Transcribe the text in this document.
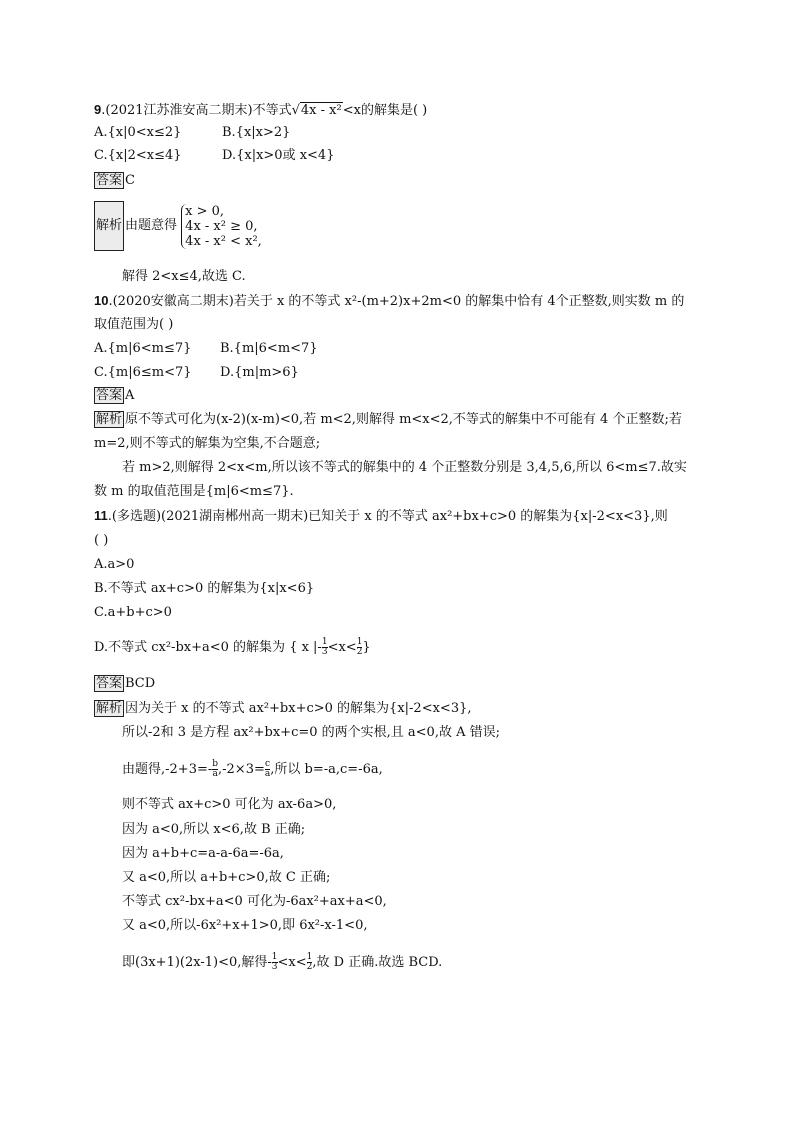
9.(2021江苏淮安高二期末)不等式√4x - x²<x的解集是( )
A.{x|0<x≤2}	B.{x|x>2}
C.{x|2<x≤4}	D.{x|x>0或 x<4}
答案 C
解析 由题意得
x > 0,
4x - x² ≥ 0,
4x - x² < x²,
解得 2<x≤4,故选 C.
10.(2020安徽高二期末)若关于 x 的不等式 x²-(m+2)x+2m<0 的解集中恰有 4个正整数,则实数 m 的
取值范围为( )
A.{m|6<m≤7} B.{m|6<m<7}
C.{m|6≤m<7} D.{m|m>6}
答案 A
解析 原不等式可化为(x-2)(x-m)<0,若 m<2,则解得 m<x<2,不等式的解集中不可能有 4 个正整数;若
m=2,则不等式的解集为空集,不合题意;
若 m>2,则解得 2<x<m,所以该不等式的解集中的 4 个正整数分别是 3,4,5,6,所以 6<m≤7.故实
数 m 的取值范围是{m|6<m≤7}.
11.(多选题)(2021湖南郴州高一期末)已知关于 x 的不等式 ax²+bx+c>0 的解集为{x|-2<x<3},则
( )
A.a>0
B.不等式 ax+c>0 的解集为{x|x<6}
C.a+b+c>0
D.不等式 cx²-bx+a<0 的解集为 { x |- $\frac{1}{3} <x< \frac{1}{2}$ }
答案 BCD
解析 因为关于 x 的不等式 ax²+bx+c>0 的解集为{x|-2<x<3},
所以-2和 3 是方程 ax²+bx+c=0 的两个实根,且 a<0,故 A 错误;
由题得$,-2+3=- \frac{b}{a} ,-2\times 3= \frac{c}{a}$ ,所以 b=-a,c=-6a,
则不等式 ax+c>0 可化为 ax-6a>0,
因为 a<0,所以 x<6,故 B 正确;
因为 a+b+c=a-a-6a=-6a,
又 a<0,所以 a+b+c>0,故 C 正确;
不等式 cx²-bx+a<0 可化为-6ax²+ax+a<0,
又 a<0,所以-6x²+x+1>0,即 6x²-x-1<0,
即(3x+1)(2x-1)<0,解得- $\frac{1}{3} <x< \frac{1}{2}$ ,故 D 正确.故选 BCD.
